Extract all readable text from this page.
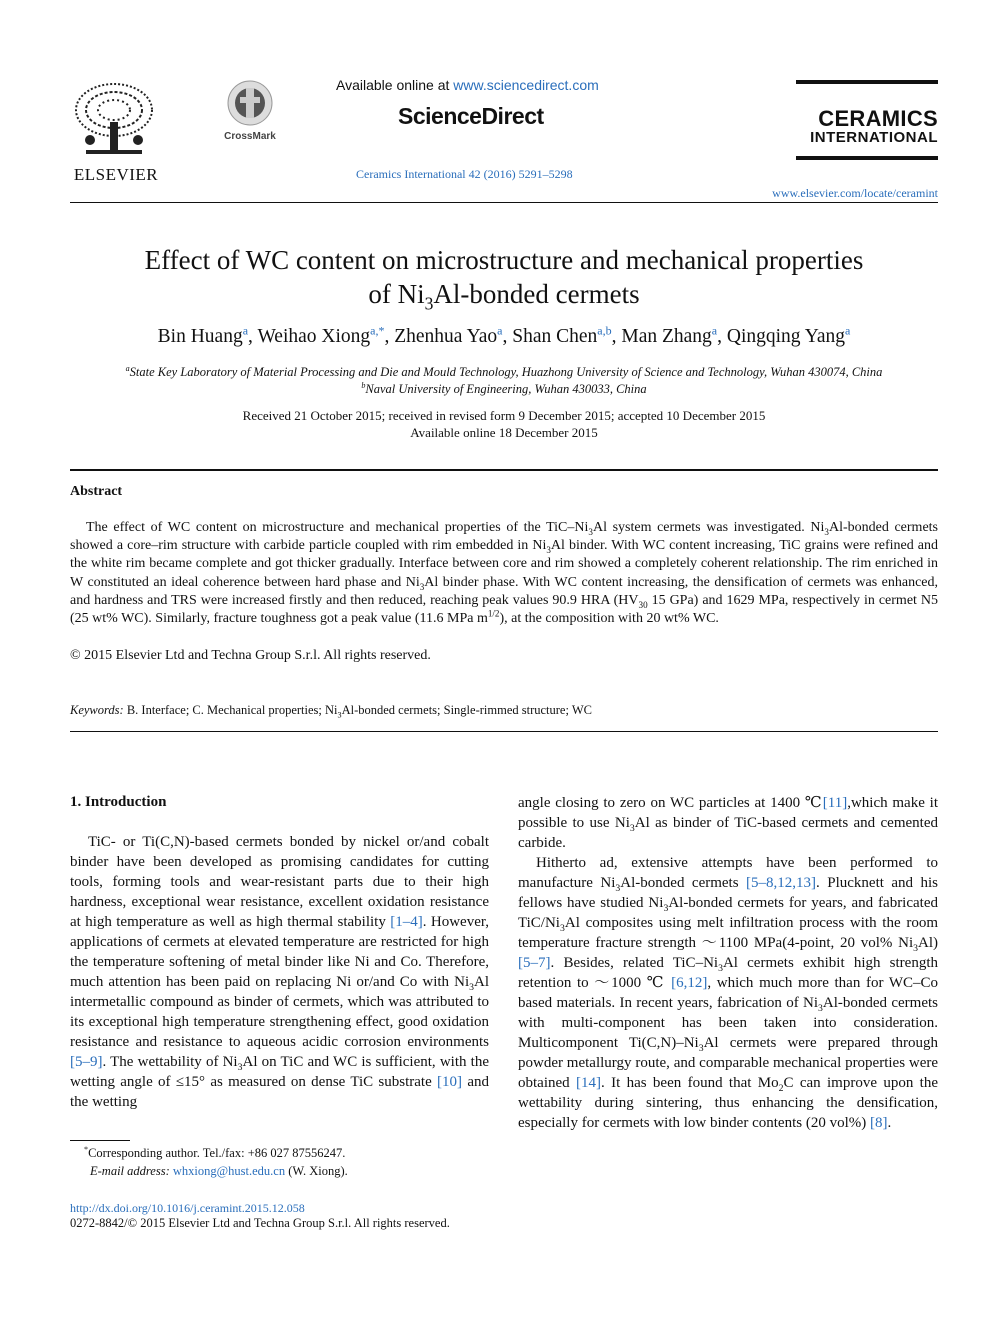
ELSEVIER
CrossMark
Available online at www.sciencedirect.com
ScienceDirect
Ceramics International 42 (2016) 5291–5298
CERAMICS
INTERNATIONAL
www.elsevier.com/locate/ceramint
Effect of WC content on microstructure and mechanical properties
of $Ni_3Al$-bonded cermets
Bin Huang$^a$, Weihao Xiong$^{a,*}$, Zhenhua Yao$^a$, Shan Chen$^{a,b}$, Man Zhang$^a$, Qingqing Yang$^a$
$^a$State Key Laboratory of Material Processing and Die and Mould Technology, Huazhong University of Science and Technology, Wuhan 430074, China
$^b$Naval University of Engineering, Wuhan 430033, China
Received 21 October 2015; received in revised form 9 December 2015; accepted 10 December 2015
Available online 18 December 2015
Abstract
The effect of WC content on microstructure and mechanical properties of the TiC–$Ni_3Al$ system cermets was investigated. $Ni_3Al$-bonded cermets showed a core–rim structure with carbide particle coupled with rim embedded in $Ni_3Al$ binder. With WC content increasing, TiC grains were refined and the white rim became complete and got thicker gradually. Interface between core and rim showed a completely coherent relationship. The rim enriched in W constituted an ideal coherence between hard phase and $Ni_3Al$ binder phase. With WC content increasing, the densification of cermets was enhanced, and hardness and TRS were increased firstly and then reduced, reaching peak values 90.9 HRA ($HV_{30}$ 15 GPa) and 1629 MPa, respectively in cermet N5 (25 wt% WC). Similarly, fracture toughness got a peak value (11.6 MPa $m^{1/2}$), at the composition with 20 wt% WC.
© 2015 Elsevier Ltd and Techna Group S.r.l. All rights reserved.
Keywords: B. Interface; C. Mechanical properties; $Ni_3Al$-bonded cermets; Single-rimmed structure; WC
1. Introduction

TiC- or Ti(C,N)-based cermets bonded by nickel or/and cobalt binder have been developed as promising candidates for cutting tools, forming tools and wear-resistant parts due to their high hardness, exceptional wear resistance, excellent oxidation resistance at high temperature as well as high thermal stability [1–4]. However, applications of cermets at elevated temperature are restricted for high the temperature softening of metal binder like Ni and Co. Therefore, much attention has been paid on replacing Ni or/and Co with $Ni_3Al$ intermetallic compound as binder of cermets, which was attributed to its exceptional high temperature strengthening effect, good oxidation resistance and resistance to aqueous acidic corrosion environments [5–9]. The wettability of $Ni_3Al$ on TiC and WC is sufficient, with the wetting angle of ≤15° as measured on dense TiC substrate [10] and the wetting

angle closing to zero on WC particles at 1400 ℃[11],which make it possible to use $Ni_3Al$ as binder of TiC-based cermets and cemented carbide.

Hitherto ad, extensive attempts have been performed to manufacture $Ni_3Al$-bonded cermets [5–8,12,13]. Plucknett and his fellows have studied $Ni_3Al$-bonded cermets for years, and fabricated TiC/$Ni_3Al$ composites using melt infiltration process with the room temperature fracture strength ～1100 MPa(4-point, 20 vol% $Ni_3Al$) [5–7]. Besides, related TiC–$Ni_3Al$ cermets exhibit high strength retention to ～1000 ℃ [6,12], which much more than for WC–Co based materials. In recent years, fabrication of $Ni_3Al$-bonded cermets with multi-component has been taken into consideration. Multicomponent $Ti(C,N)-Ni_3Al$ cermets were prepared through powder metallurgy route, and comparable mechanical properties were obtained [14]. It has been found that $Mo_2C$ can improve upon the wettability during sintering, thus enhancing the densification, especially for cermets with low binder contents (20 vol%) [8].

*Corresponding author. Tel./fax: +86 027 87556247.
E-mail address: whxiong@hust.edu.cn (W. Xiong).
http://dx.doi.org/10.1016/j.ceramint.2015.12.058
0272-8842/© 2015 Elsevier Ltd and Techna Group S.r.l. All rights reserved.
